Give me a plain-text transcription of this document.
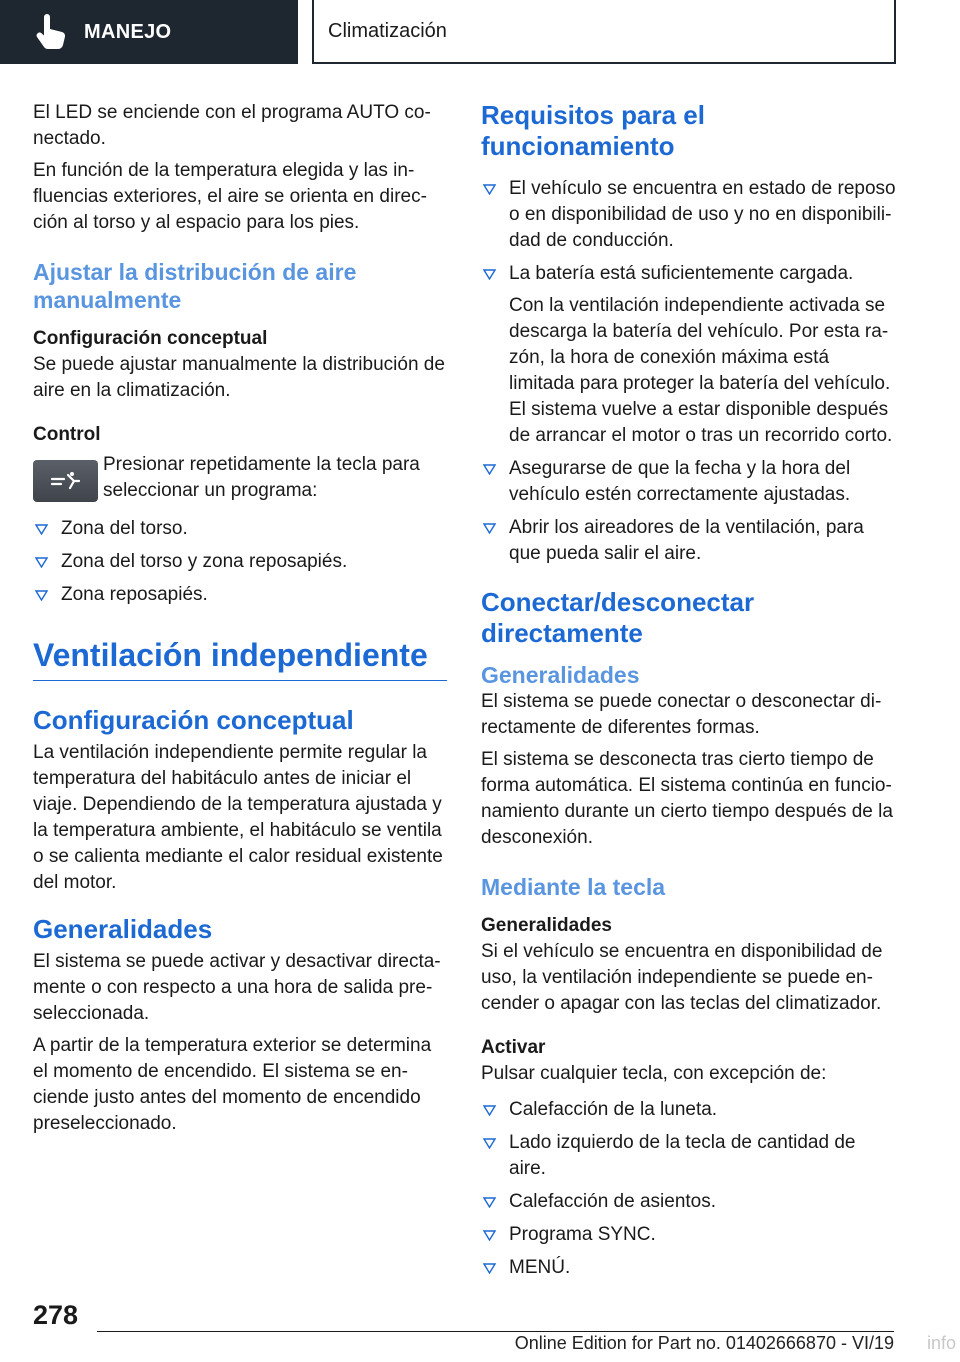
MANEJO	Climatización

El LED se enciende con el programa AUTO conectado.

En función de la temperatura elegida y las influencias exteriores, el aire se orienta en dirección al torso y al espacio para los pies.

Ajustar la distribución de aire manualmente
Configuración conceptual

Se puede ajustar manualmente la distribución de aire en la climatización.

Control
Presionar repetidamente la tecla para seleccionar un programa:
Zona del torso.
Zona del torso y zona reposapiés.
Zona reposapiés.
Ventilación independiente
Configuración conceptual

La ventilación independiente permite regular la temperatura del habitáculo antes de iniciar el viaje. Dependiendo de la temperatura ajustada y la temperatura ambiente, el habitáculo se ventila o se calienta mediante el calor residual existente del motor.

Generalidades

El sistema se puede activar y desactivar directamente o con respecto a una hora de salida preseleccionada.

A partir de la temperatura exterior se determina el momento de encendido. El sistema se enciende justo antes del momento de encendido preseleccionado.

Requisitos para el funcionamiento
El vehículo se encuentra en estado de reposo o en disponibilidad de uso y no en disponibilidad de conducción.
La batería está suficientemente cargada.
Con la ventilación independiente activada se descarga la batería del vehículo. Por esta razón, la hora de conexión máxima está limitada para proteger la batería del vehículo. El sistema vuelve a estar disponible después de arrancar el motor o tras un recorrido corto.
Asegurarse de que la fecha y la hora del vehículo estén correctamente ajustadas.
Abrir los aireadores de la ventilación, para que pueda salir el aire.
Conectar/desconectar directamente
Generalidades

El sistema se puede conectar o desconectar directamente de diferentes formas.

El sistema se desconecta tras cierto tiempo de forma automática. El sistema continúa en funcionamiento durante un cierto tiempo después de la desconexión.

Mediante la tecla
Generalidades

Si el vehículo se encuentra en disponibilidad de uso, la ventilación independiente se puede encender o apagar con las teclas del climatizador.

Activar

Pulsar cualquier tecla, con excepción de:

Calefacción de la luneta.
Lado izquierdo de la tecla de cantidad de aire.
Calefacción de asientos.
Programa SYNC.
MENÚ.
278
Online Edition for Part no. 01402666870 - VI/19 info
